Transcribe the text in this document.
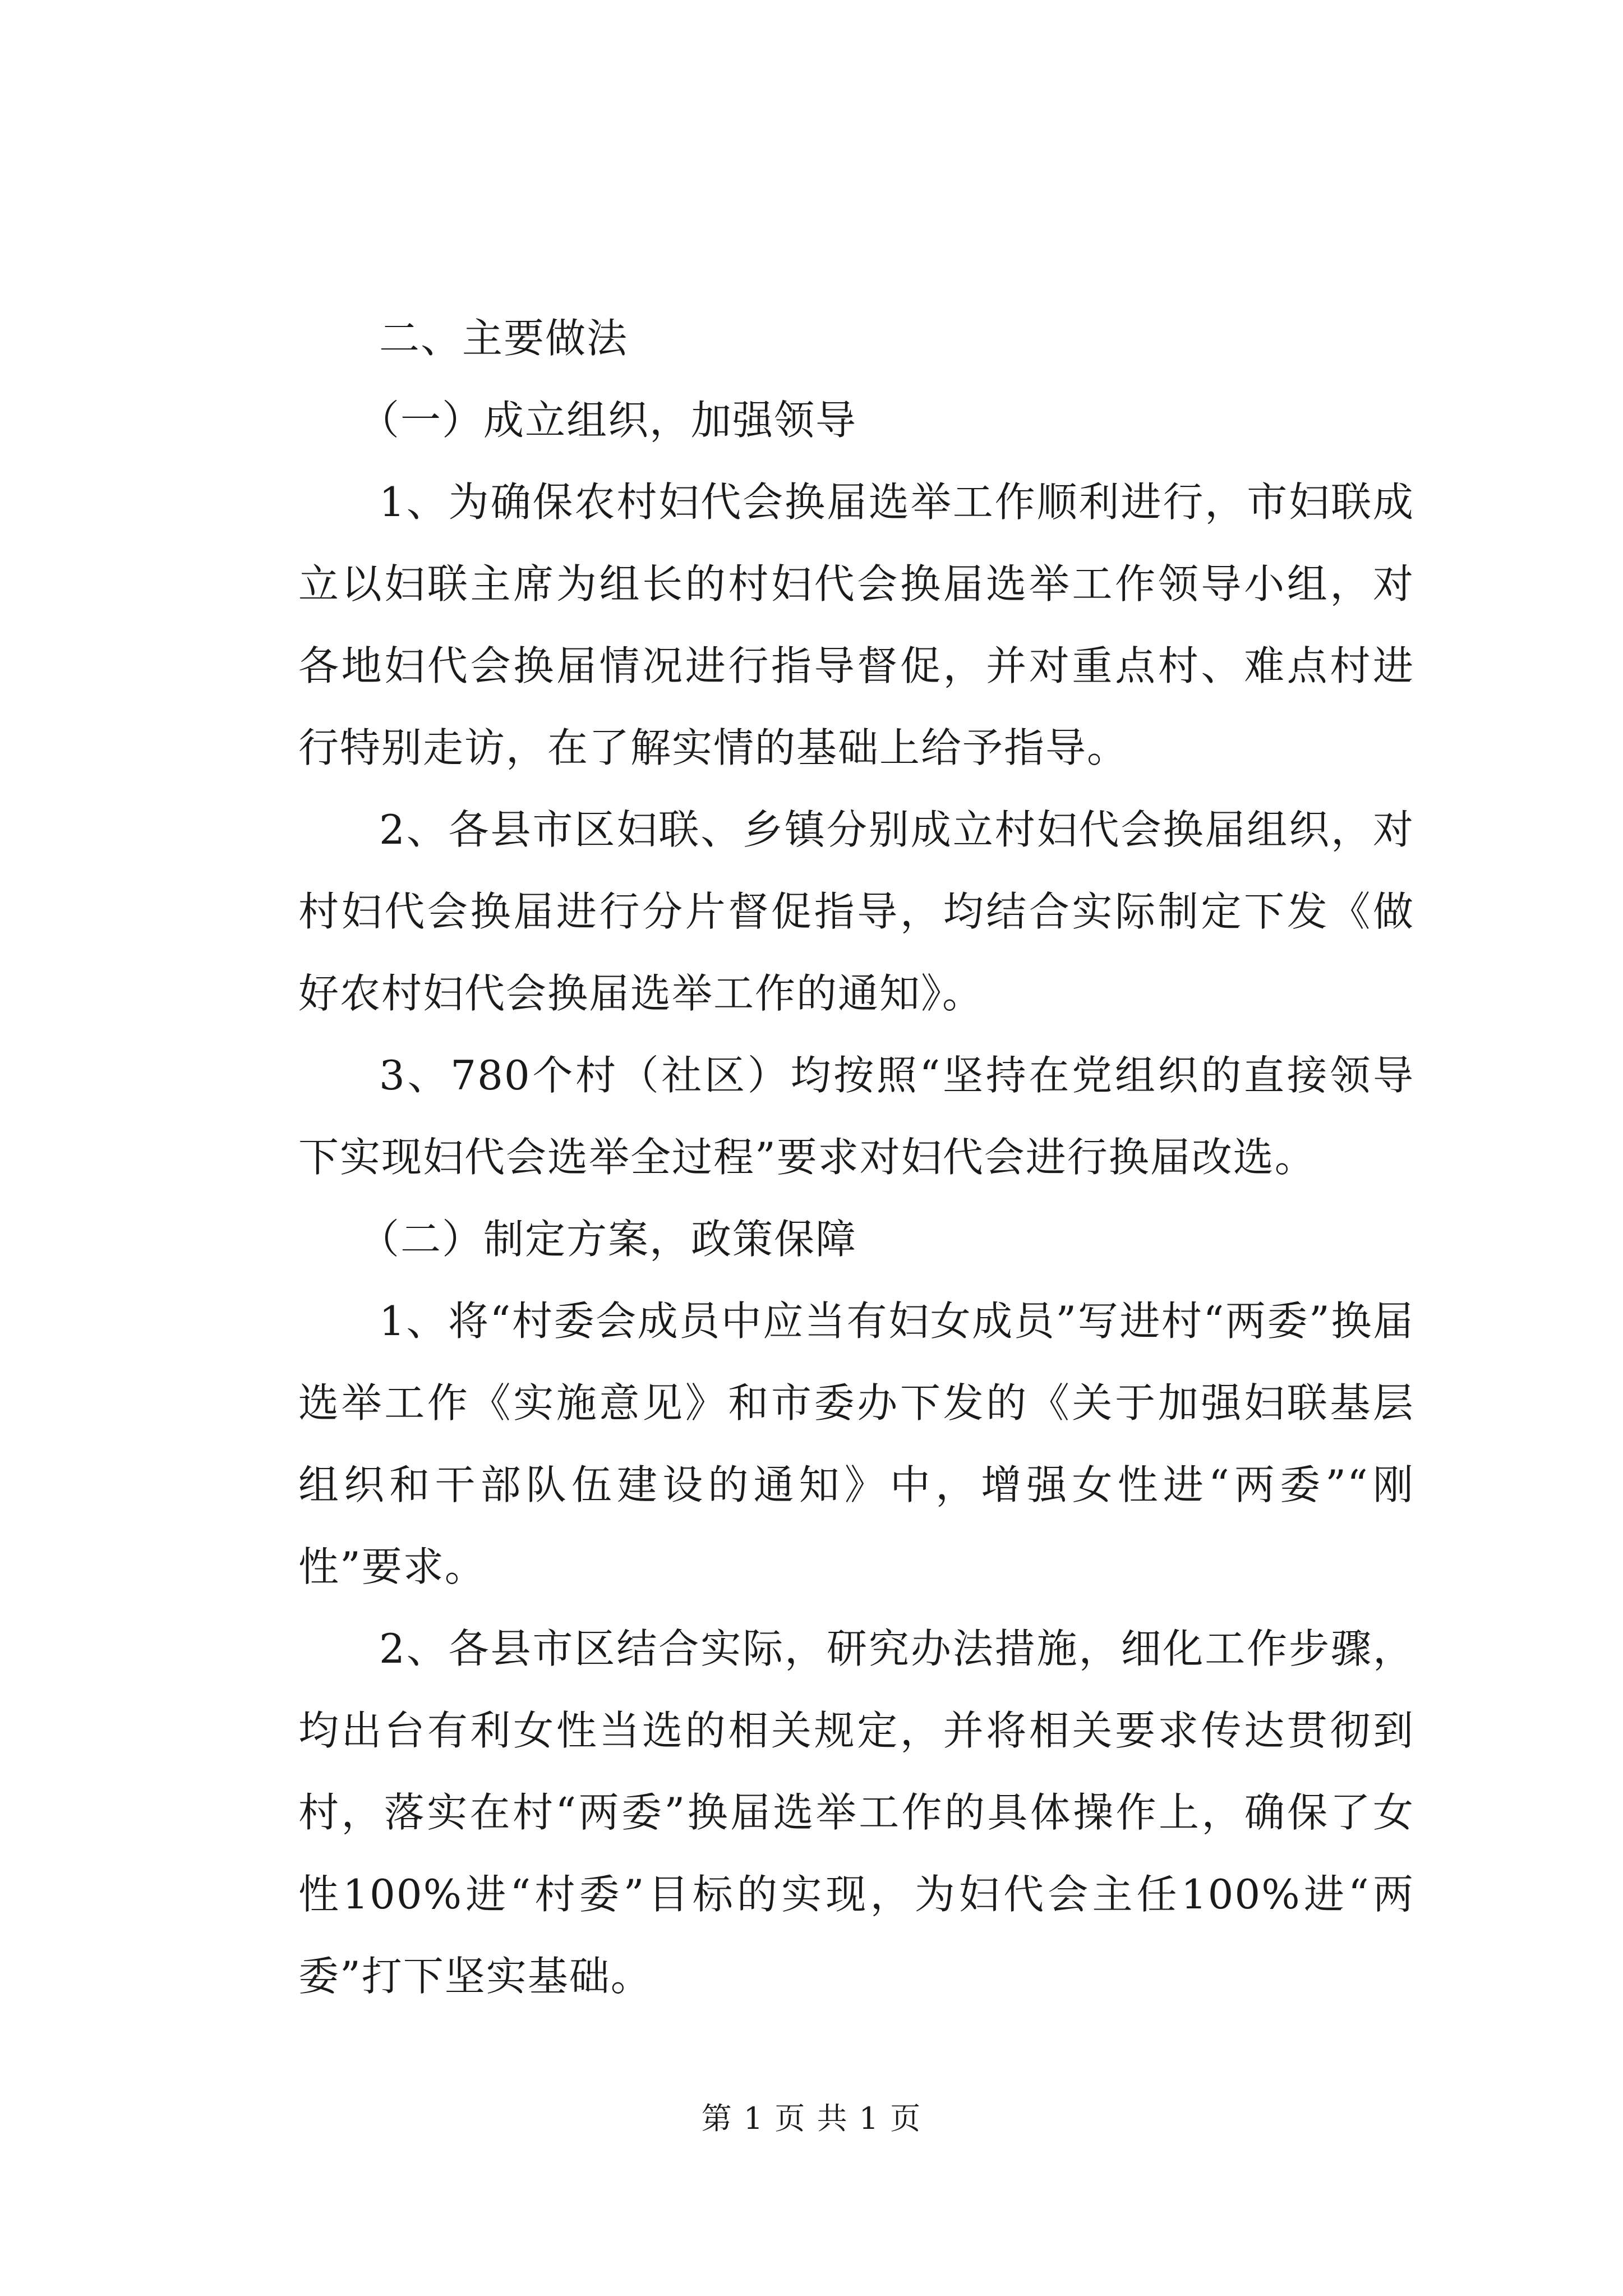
二、主要做法

（一）成立组织，加强领导

1、为确保农村妇代会换届选举工作顺利进行，市妇联成立以妇联主席为组长的村妇代会换届选举工作领导小组，对各地妇代会换届情况进行指导督促，并对重点村、难点村进行特别走访，在了解实情的基础上给予指导。

2、各县市区妇联、乡镇分别成立村妇代会换届组织，对村妇代会换届进行分片督促指导，均结合实际制定下发《做好农村妇代会换届选举工作的通知》。

3、780个村（社区）均按照“坚持在党组织的直接领导下实现妇代会选举全过程”要求对妇代会进行换届改选。

（二）制定方案，政策保障

1、将“村委会成员中应当有妇女成员”写进村“两委”换届选举工作《实施意见》和市委办下发的《关于加强妇联基层组织和干部队伍建设的通知》中，增强女性进“两委”“刚性”要求。

2、各县市区结合实际，研究办法措施，细化工作步骤，均出台有利女性当选的相关规定，并将相关要求传达贯彻到村，落实在村“两委”换届选举工作的具体操作上，确保了女性100%进“村委”目标的实现，为妇代会主任100%进“两委”打下坚实基础。

第 1 页 共 1 页
